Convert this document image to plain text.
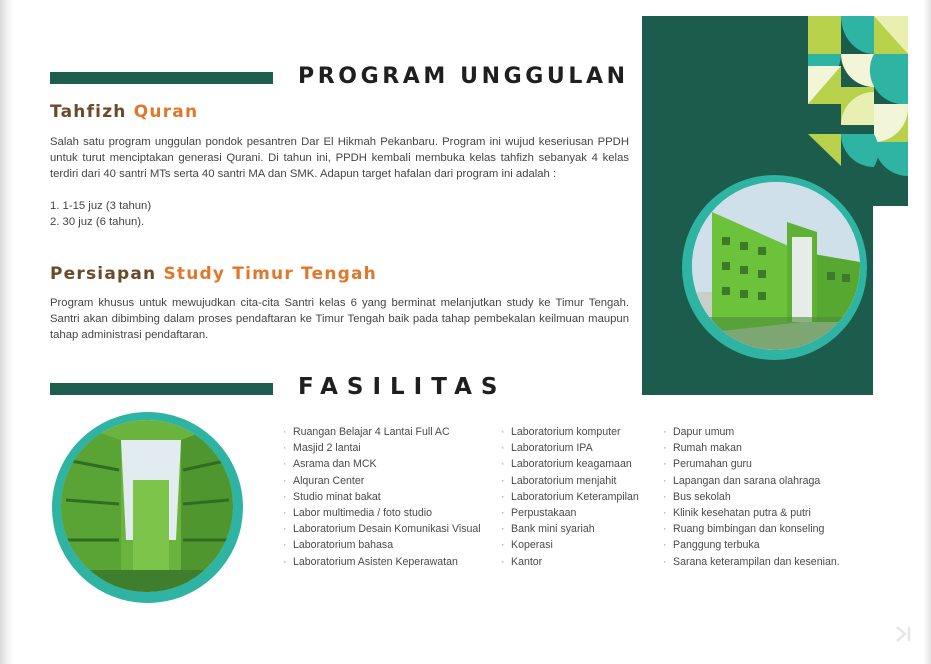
PROGRAM UNGGULAN
Tahfizh Quran
Salah satu program unggulan pondok pesantren Dar El Hikmah Pekanbaru. Program ini wujud keseriusan PPDH untuk turut menciptakan generasi Qurani. Di tahun ini, PPDH kembali membuka kelas tahfizh sebanyak 4 kelas terdiri dari 40 santri MTs serta 40 santri MA dan SMK. Adapun target hafalan dari program ini adalah :
1. 1-15 juz (3 tahun)
2. 30 juz (6 tahun).
Persiapan Study Timur Tengah
Program khusus untuk mewujudkan cita-cita Santri kelas 6 yang berminat melanjutkan study ke Timur Tengah. Santri akan dibimbing dalam proses pendaftaran ke Timur Tengah baik pada tahap pembekalan keilmuan maupun tahap administrasi pendaftaran.
FASILITAS
· Ruangan Belajar 4 Lantai Full AC
· Masjid 2 lantai
· Asrama dan MCK
· Alquran Center
· Studio minat bakat
· Labor multimedia / foto studio
· Laboratorium Desain Komunikasi Visual
· Laboratorium bahasa
· Laboratorium Asisten Keperawatan
· Laboratorium komputer
· Laboratorium IPA
· Laboratorium keagamaan
· Laboratorium menjahit
· Laboratorium Keterampilan
· Perpustakaan
· Bank mini syariah
· Koperasi
· Kantor
· Dapur umum
· Rumah makan
· Perumahan guru
· Lapangan dan sarana olahraga
· Bus sekolah
· Klinik kesehatan putra & putri
· Ruang bimbingan dan konseling
· Panggung terbuka
· Sarana keterampilan dan kesenian.
